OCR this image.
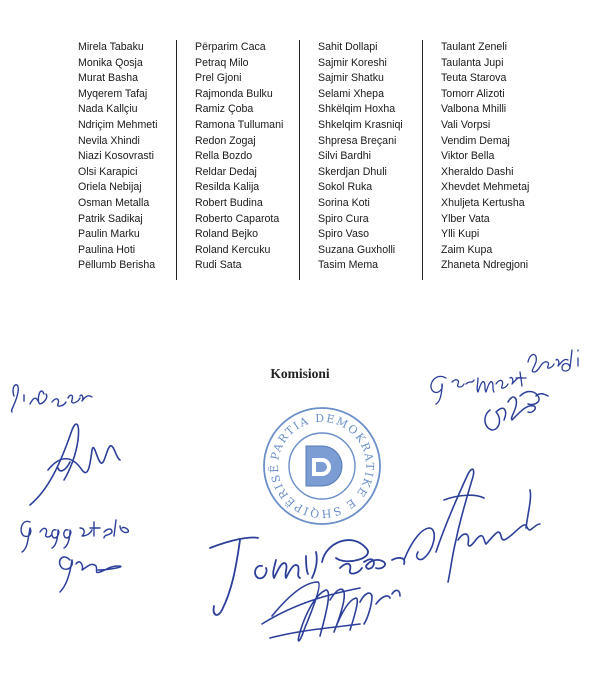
Mirela Tabaku
Monika Qosja
Murat Basha
Myqerem Tafaj
Nada Kallçiu
Ndriçim Mehmeti
Nevila Xhindi
Niazi Kosovrasti
Olsi Karapici
Oriela Nebijaj
Osman Metalla
Patrik Sadikaj
Paulin Marku
Paulina Hoti
Pëllumb Berisha
Përparim Caca
Petraq Milo
Prel Gjoni
Rajmonda Bulku
Ramiz Çoba
Ramona Tullumani
Redon Zogaj
Rella Bozdo
Reldar Dedaj
Resilda Kalija
Robert Budina
Roberto Caparota
Roland Bejko
Roland Kercuku
Rudi Sata
Sahit Dollapi
Sajmir Koreshi
Sajmir Shatku
Selami Xhepa
Shkëlqim Hoxha
Shkelqim Krasniqi
Shpresa Breçani
Silvi Bardhi
Skerdjan Dhuli
Sokol Ruka
Sorina Koti
Spiro Cura
Spiro Vaso
Suzana Guxholli
Tasim Mema
Taulant Zeneli
Taulanta Jupi
Teuta Starova
Tomorr Alizoti
Valbona Mhilli
Vali Vorpsi
Vendim Demaj
Viktor Bella
Xheraldo Dashi
Xhevdet Mehmetaj
Xhuljeta Kertusha
Ylber Vata
Ylli Kupi
Zaim Kupa
Zhaneta Ndregjoni
Komisioni
PARTIA DEMOKRATIKE E SHQIPËRISË
